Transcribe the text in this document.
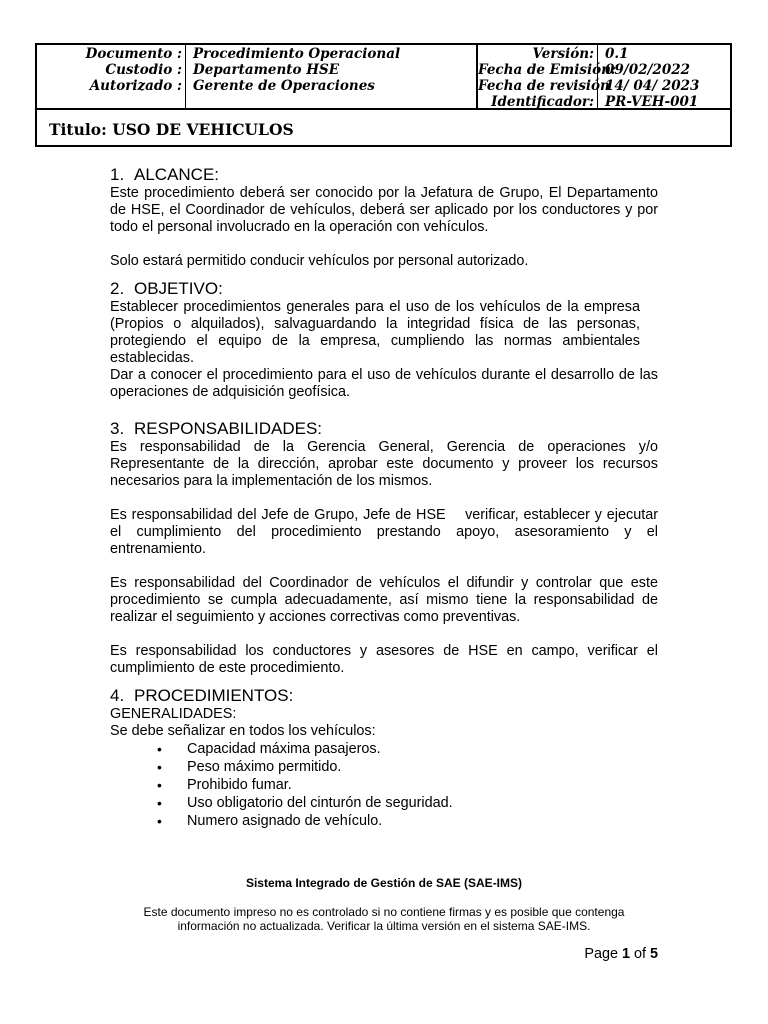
Documento :
Custodio :
Autorizado :
Procedimiento Operacional
Departamento HSE
Gerente de Operaciones
Versión:
Fecha de Emisión:
Fecha de revisión
Identificador:
0.1
09/02/2022
14/ 04/ 2023
PR-VEH-001
Titulo: USO DE VEHICULOS
1. ALCANCE:

Este procedimiento deberá ser conocido por la Jefatura de Grupo, El Departamento de HSE, el Coordinador de vehículos, deberá ser aplicado por los conductores y por todo el personal involucrado en la operación con vehículos.

Solo estará permitido conducir vehículos por personal autorizado.

2. OBJETIVO:

Establecer procedimientos generales para el uso de los vehículos de la empresa (Propios o alquilados), salvaguardando la integridad física de las personas, protegiendo el equipo de la empresa, cumpliendo las normas ambientales establecidas.

Dar a conocer el procedimiento para el uso de vehículos durante el desarrollo de las operaciones de adquisición geofísica.

3. RESPONSABILIDADES:

Es responsabilidad de la Gerencia General, Gerencia de operaciones y/o Representante de la dirección, aprobar este documento y proveer los recursos necesarios para la implementación de los mismos.

Es responsabilidad del Jefe de Grupo, Jefe de HSE    verificar, establecer y ejecutar el cumplimiento del procedimiento prestando apoyo, asesoramiento y el entrenamiento.

Es responsabilidad del Coordinador de vehículos el difundir y controlar que este procedimiento se cumpla adecuadamente, así mismo tiene la responsabilidad de realizar el seguimiento y acciones correctivas como preventivas.

Es responsabilidad los conductores y asesores de HSE en campo, verificar el cumplimiento de este procedimiento.

4. PROCEDIMIENTOS:

GENERALIDADES:

Se debe señalizar en todos los vehículos:

• Capacidad máxima pasajeros.
• Peso máximo permitido.
• Prohibido fumar.
• Uso obligatorio del cinturón de seguridad.
• Numero asignado de vehículo.
Sistema Integrado de Gestión de SAE (SAE-IMS)
Este documento impreso no es controlado si no contiene firmas y es posible que contenga
información no actualizada. Verificar la última versión en el sistema SAE-IMS.
Page 1 of 5
